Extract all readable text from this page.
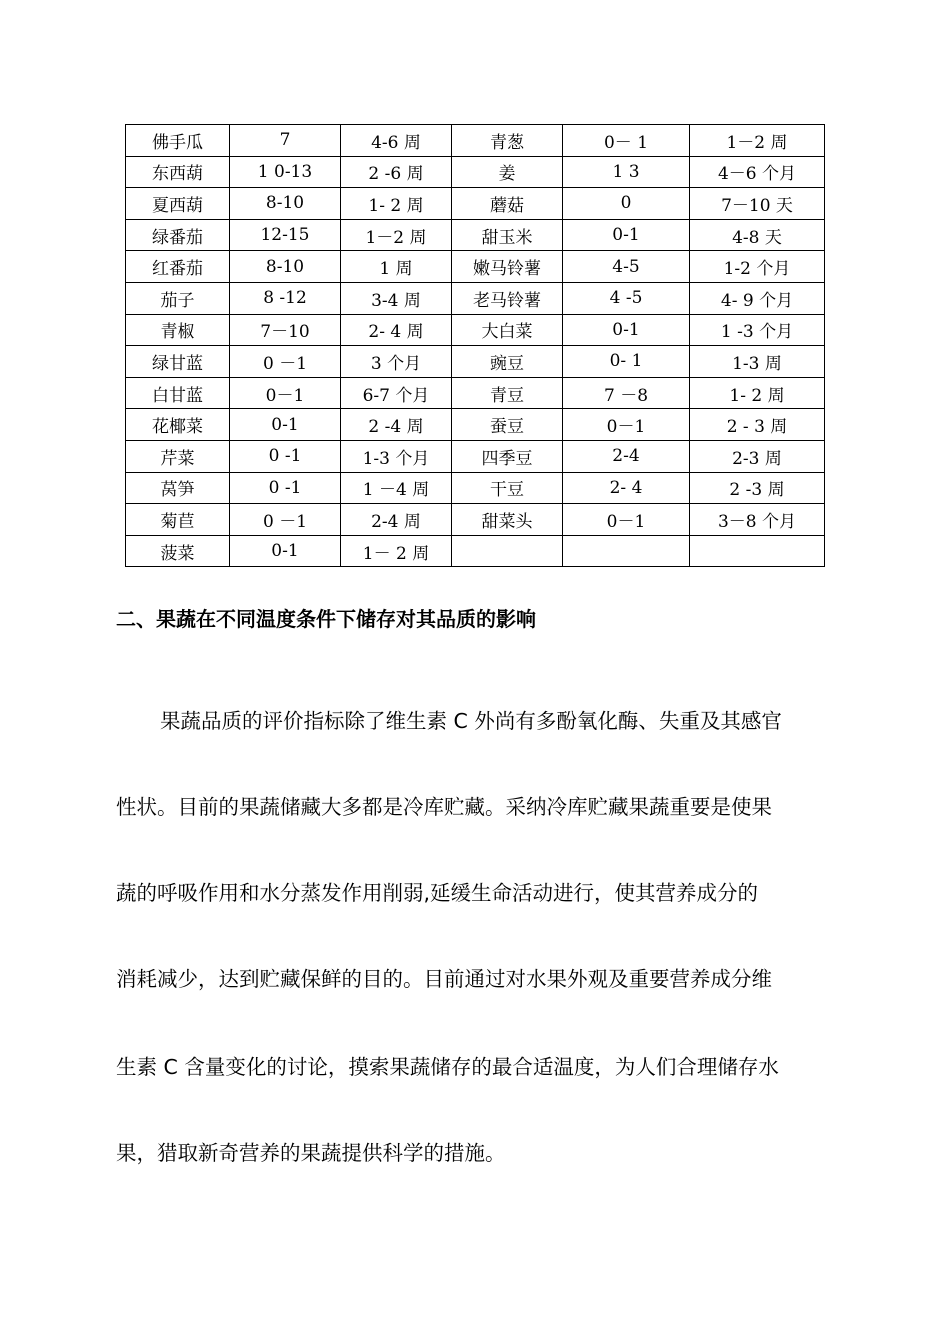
佛手瓜	7	4-6 周	青葱	0－ 1	1－2 周
东西葫	1 0-13	2 -6 周	姜	1 3	4－6 个月
夏西葫	8-10	1- 2 周	蘑菇	0	7－10 天
绿番茄	12-15	1－2 周	甜玉米	0-1	4-8 天
红番茄	8-10	1 周	嫩马铃薯	4-5	1-2 个月
茄子	8 -12	3-4 周	老马铃薯	4 -5	4- 9 个月
青椒	7－10	2- 4 周	大白菜	0-1	1 -3 个月
绿甘蓝	0 －1	3 个月	豌豆	0- 1	1-3 周
白甘蓝	0－1	6-7 个月	青豆	7 －8	1- 2 周
花椰菜	0-1	2 -4 周	蚕豆	0－1	2 - 3 周
芹菜	0 -1	1-3 个月	四季豆	2-4	2-3 周
莴笋	0 -1	1 －4 周	干豆	2- 4	2 -3 周
菊苣	0 －1	2-4 周	甜菜头	0－1	3－8 个月
菠菜	0-1	1－ 2 周			
二、果蔬在不同温度条件下储存对其品质的影响

果蔬品质的评价指标除了维生素 C 外尚有多酚氧化酶、失重及其感官

性状。目前的果蔬储藏大多都是冷库贮藏。采纳冷库贮藏果蔬重要是使果

蔬的呼吸作用和水分蒸发作用削弱,延缓生命活动进行，使其营养成分的

消耗减少，达到贮藏保鲜的目的。目前通过对水果外观及重要营养成分维

生素 C 含量变化的讨论，摸索果蔬储存的最合适温度，为人们合理储存水

果，猎取新奇营养的果蔬提供科学的措施。
